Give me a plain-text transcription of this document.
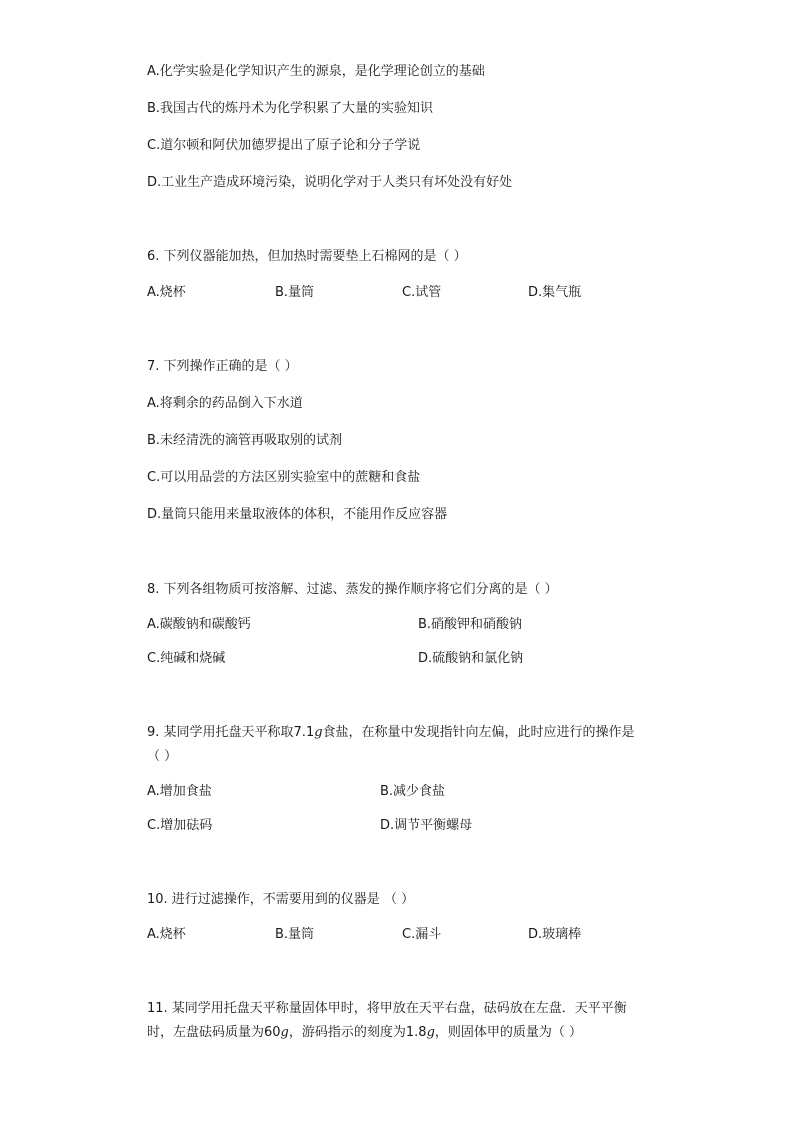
A.化学实验是化学知识产生的源泉，是化学理论创立的基础
B.我国古代的炼丹术为化学积累了大量的实验知识
C.道尔顿和阿伏加德罗提出了原子论和分子学说
D.工业生产造成环境污染，说明化学对于人类只有坏处没有好处
6. 下列仪器能加热，但加热时需要垫上石棉网的是（ ）
A.烧杯	B.量筒	C.试管	D.集气瓶
7. 下列操作正确的是（ ）
A.将剩余的药品倒入下水道
B.未经清洗的滴管再吸取别的试剂
C.可以用品尝的方法区别实验室中的蔗糖和食盐
D.量筒只能用来量取液体的体积，不能用作反应容器
8. 下列各组物质可按溶解、过滤、蒸发的操作顺序将它们分离的是（ ）
A.碳酸钠和碳酸钙	B.硝酸钾和硝酸钠
C.纯碱和烧碱	D.硫酸钠和氯化钠
9. 某同学用托盘天平称取7.1g食盐，在称量中发现指针向左偏，此时应进行的操作是
（ ）
A.增加食盐	B.减少食盐
C.增加砝码	D.调节平衡螺母
10. 进行过滤操作，不需要用到的仪器是 （ ）
A.烧杯	B.量筒	C.漏斗	D.玻璃棒
11. 某同学用托盘天平称量固体甲时，将甲放在天平右盘，砝码放在左盘．天平平衡
时，左盘砝码质量为60g，游码指示的刻度为1.8g，则固体甲的质量为（ ）
